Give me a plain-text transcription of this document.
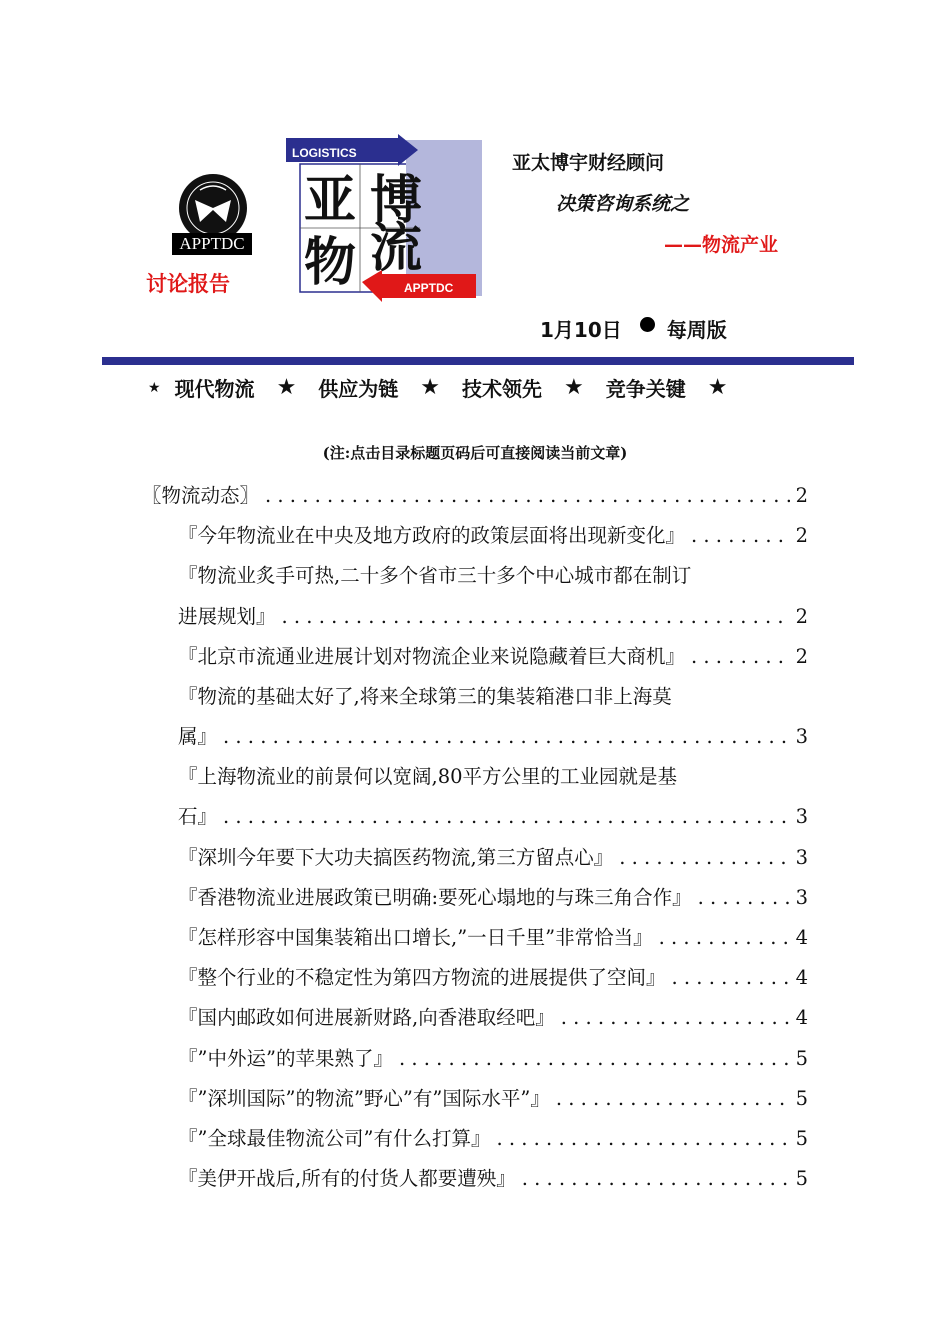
APPTDC
讨论报告
LOGISTICS
APPTDC
亚 博
物 流
亚太博宇财经顾问
决策咨询系统之
——物流产业
1月10日 每周版
★ 现代物流 ★ 供应为链 ★ 技术领先 ★ 竞争关键 ★
(注:点击目录标题页码后可直接阅读当前文章)
〖物流动态〗 . . .	2
『今年物流业在中央及地方政府的政策层面将出现新变化』 . . .	2
『物流业炙手可热,二十多个省市三十多个中心城市都在制订
进展规划』 . . .	2
『北京市流通业进展计划对物流企业来说隐藏着巨大商机』 . . .	2
『物流的基础太好了,将来全球第三的集装箱港口非上海莫
属』 . . .	3
『上海物流业的前景何以宽阔,80平方公里的工业园就是基
石』 . . .	3
『深圳今年要下大功夫搞医药物流,第三方留点心』 . . .	3
『香港物流业进展政策已明确:要死心塌地的与珠三角合作』 . . .	3
『怎样形容中国集装箱出口增长,”一日千里”非常恰当』 . . .	4
『整个行业的不稳定性为第四方物流的进展提供了空间』 . . .	4
『国内邮政如何进展新财路,向香港取经吧』 . . .	4
『”中外运”的苹果熟了』 . . .	5
『”深圳国际”的物流”野心”有”国际水平”』 . . .	5
『”全球最佳物流公司”有什么打算』 . . .	5
『美伊开战后,所有的付货人都要遭殃』 . . .	5
